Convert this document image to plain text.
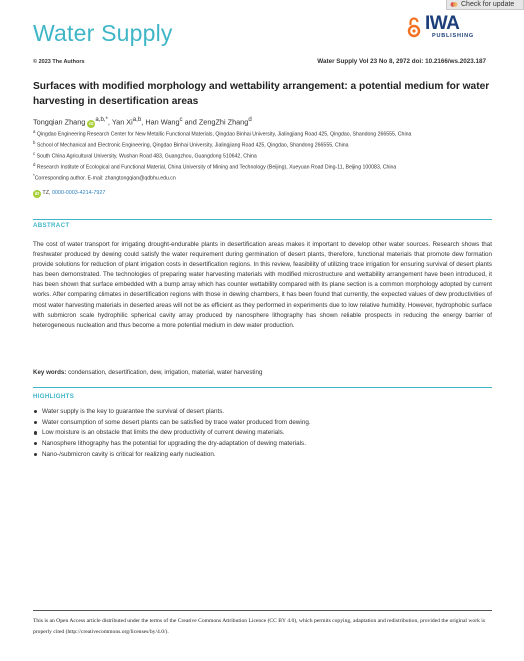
Check for update
Water Supply	IWA
PUBLISHING
© 2023 The Authors	Water Supply Vol 23 No 8, 2972 doi: 10.2166/ws.2023.187
Surfaces with modified morphology and wettability arrangement: a potential medium for water harvesting in desertification areas
Tongqian Zhang $iD^{a,b,*}$, Yan Xi$^{a,b}$, Han Wang$^c$ and ZengZhi Zhang$^d$
$^a$ Qingdao Engineering Research Center for New Metallic Functional Materials, Qingdao Binhai University, Jialingjiang Road 425, Qingdao, Shandong 266555, China
$^b$ School of Mechanical and Electronic Engineering, Qingdao Binhai University, Jialingjiang Road 425, Qingdao, Shandong 266555, China
$^c$ South China Agricultural University, Wushan Road 483, Guangzhou, Guangdong 510642, China
$^d$ Research Institute of Ecological and Functional Material, China University of Mining and Technology (Beijing), Xueyuan Road Ding-11, Beijing 100083, China
*Corresponding author. E-mail: zhangtongqian@qdbhu.edu.cn
iD TZ, 0000-0003-4214-7927
ABSTRACT
The cost of water transport for irrigating drought-endurable plants in desertification areas makes it important to develop other water sources. Research shows that freshwater produced by dewing could satisfy the water requirement during germination of desert plants, therefore, functional materials that promote dew formation provide solutions for reduction of plant irrigation costs in desertification regions. In this review, feasibility of utilizing trace irrigation for ensuring survival of desert plants has been demonstrated. The technologies of preparing water harvesting materials with modified microstructure and wettability arrangement have been introduced, it has been shown that surface embedded with a bump array which has counter wettability compared with its plane section is a common morphology adopted by current works. After comparing climates in desertification regions with those in dewing chambers, it has been found that currently, the expected values of dew productivities of most water harvesting materials in deserted areas will not be as efficient as they performed in experiments due to low relative humidity. However, hydrophobic surface with submicron scale hydrophilic spherical cavity array produced by nanosphere lithography has shown reliable prospects in reducing the energy barrier of heterogeneous nucleation and thus become a more potential medium in dew water production.
Key words: condensation, desertification, dew, irrigation, material, water harvesting
HIGHLIGHTS
Water supply is the key to guarantee the survival of desert plants.
Water consumption of some desert plants can be satisfied by trace water produced from dewing.
Low moisture is an obstacle that limits the dew productivity of current dewing materials.
Nanosphere lithography has the potential for upgrading the dry-adaptation of dewing materials.
Nano-/submicron cavity is critical for realizing early nucleation.
This is an Open Access article distributed under the terms of the Creative Commons Attribution Licence (CC BY 4.0), which permits copying, adaptation and redistribution, provided the original work is properly cited (http://creativecommons.org/licenses/by/4.0/).
